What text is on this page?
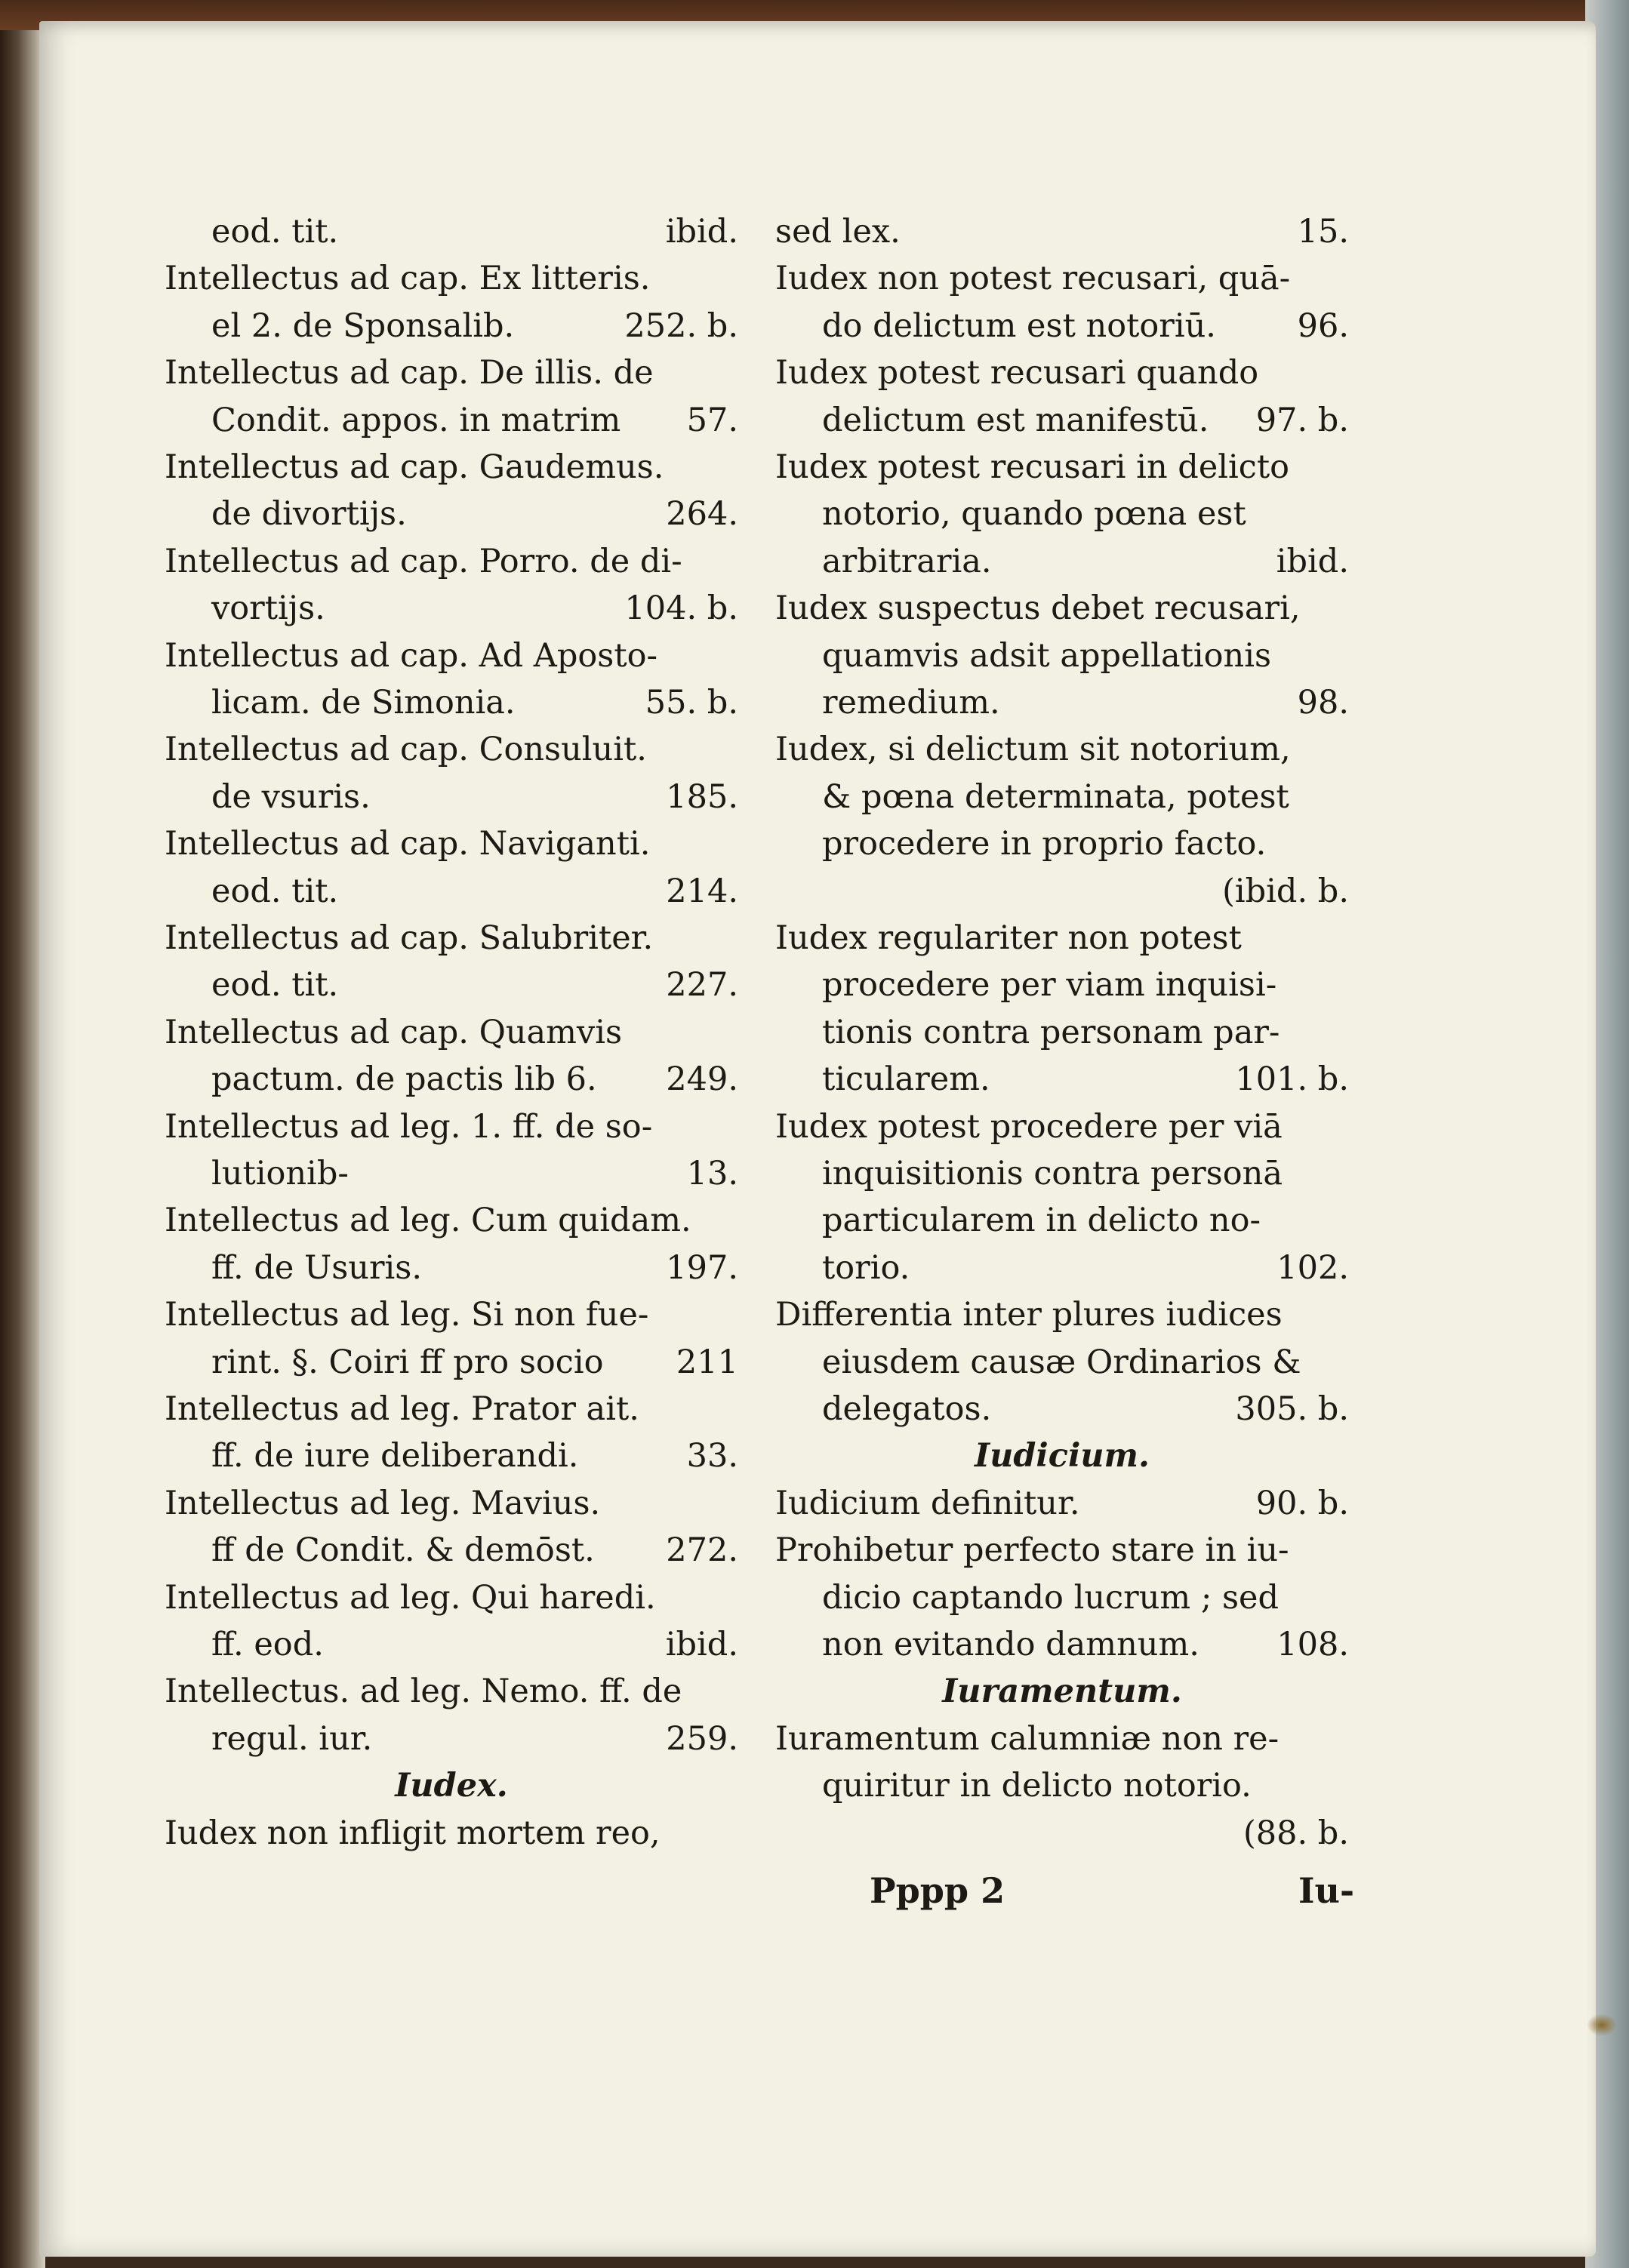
eod. tit.	ibid.
Intellectus ad cap. Ex litteris.
el 2. de Sponsalib.	252. b.
Intellectus ad cap. De illis. de
Condit. appos. in matrim 57.
Intellectus ad cap. Gaudemus.
de divortijs.	264.
Intellectus ad cap. Porro. de di-
vortijs.	104. b.
Intellectus ad cap. Ad Aposto-
licam. de Simonia.	55. b.
Intellectus ad cap. Consuluit.
de vsuris.	185.
Intellectus ad cap. Naviganti.
eod. tit.	214.
Intellectus ad cap. Salubriter.
eod. tit.	227.
Intellectus ad cap. Quamvis
pactum. de pactis lib 6. 249.
Intellectus ad leg. 1. ff. de so-
lutionib-	13.
Intellectus ad leg. Cum quidam.
ff. de Usuris.	197.
Intellectus ad leg. Si non fue-
rint. §. Coiri ff pro socio 211
Intellectus ad leg. Prator ait.
ff. de iure deliberandi.	33.
Intellectus ad leg. Mavius.
ff de Condit. & demōst. 272.
Intellectus ad leg. Qui haredi.
ff. eod.	ibid.
Intellectus. ad leg. Nemo. ff. de
regul. iur.	259.
Iudex.
Iudex non infligit mortem reo,
sed lex.	15.
Iudex non potest recusari, quā-
do delictum est notoriū.	96.
Iudex potest recusari quando
delictum est manifestū. 97. b.
Iudex potest recusari in delicto
notorio, quando pœna est
arbitraria.	ibid.
Iudex suspectus debet recusari,
quamvis adsit appellationis
remedium.	98.
Iudex, si delictum sit notorium,
& pœna determinata, potest
procedere in proprio facto.
(ibid. b.
Iudex regulariter non potest
procedere per viam inquisi-
tionis contra personam par-
ticularem.	101. b.
Iudex potest procedere per viā
inquisitionis contra personā
particularem in delicto no-
torio.	102.
Differentia inter plures iudices
eiusdem causæ Ordinarios &
delegatos.	305. b.
Iudicium.
Iudicium definitur.	90. b.
Prohibetur perfecto stare in iu-
dicio captando lucrum ; sed
non evitando damnum. 108.
Iuramentum.
Iuramentum calumniæ non re-
quiritur in delicto notorio.
(88. b.
Pppp 2	Iu-
